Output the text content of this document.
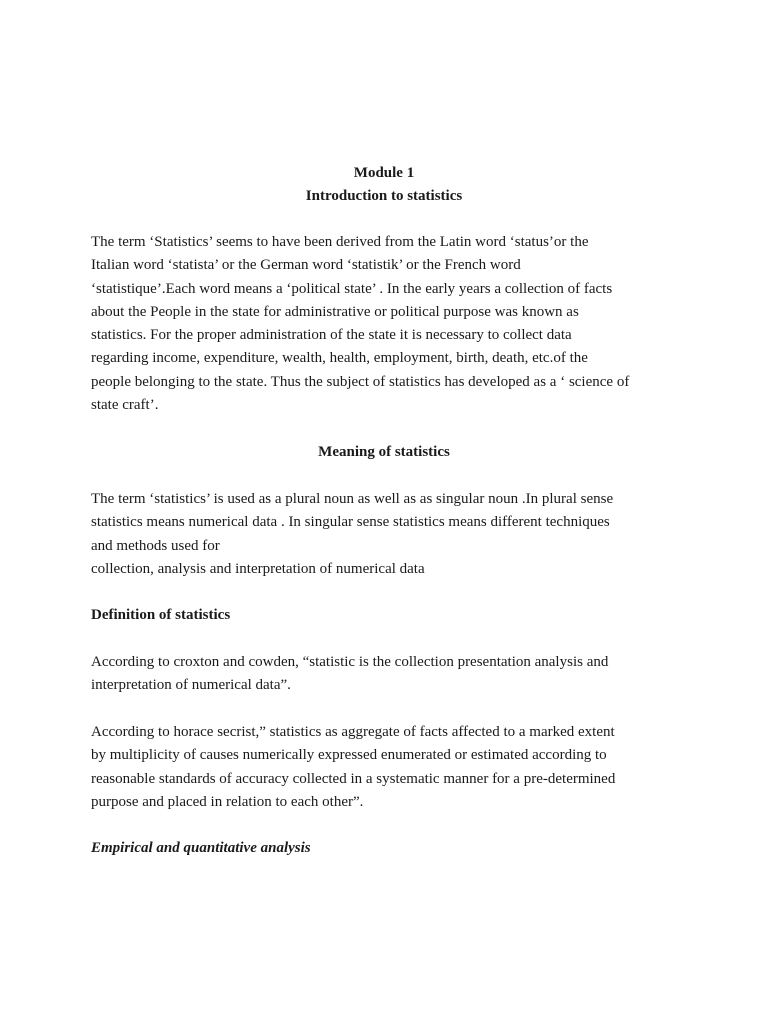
Module 1
Introduction to statistics

The term ‘Statistics’ seems to have been derived from the Latin word ‘status’or the
Italian word ‘statista’ or the German word ‘statistik’ or the French word
‘statistique’.Each word means a ‘political state’ . In the early years a collection of facts
about the People in the state for administrative or political purpose was known as
statistics. For the proper administration of the state it is necessary to collect data
regarding income, expenditure, wealth, health, employment, birth, death, etc.of the
people belonging to the state. Thus the subject of statistics has developed as a ‘ science of
state craft’.

Meaning of statistics

The term ‘statistics’ is used as a plural noun as well as as singular noun .In plural sense
statistics means numerical data . In singular sense statistics means different techniques
and methods used for
collection, analysis and interpretation of numerical data

Definition of statistics

According to croxton and cowden, “statistic is the collection presentation analysis and
interpretation of numerical data”.

According to horace secrist,” statistics as aggregate of facts affected to a marked extent
by multiplicity of causes numerically expressed enumerated or estimated according to
reasonable standards of accuracy collected in a systematic manner for a pre-determined
purpose and placed in relation to each other”.

Empirical and quantitative analysis
